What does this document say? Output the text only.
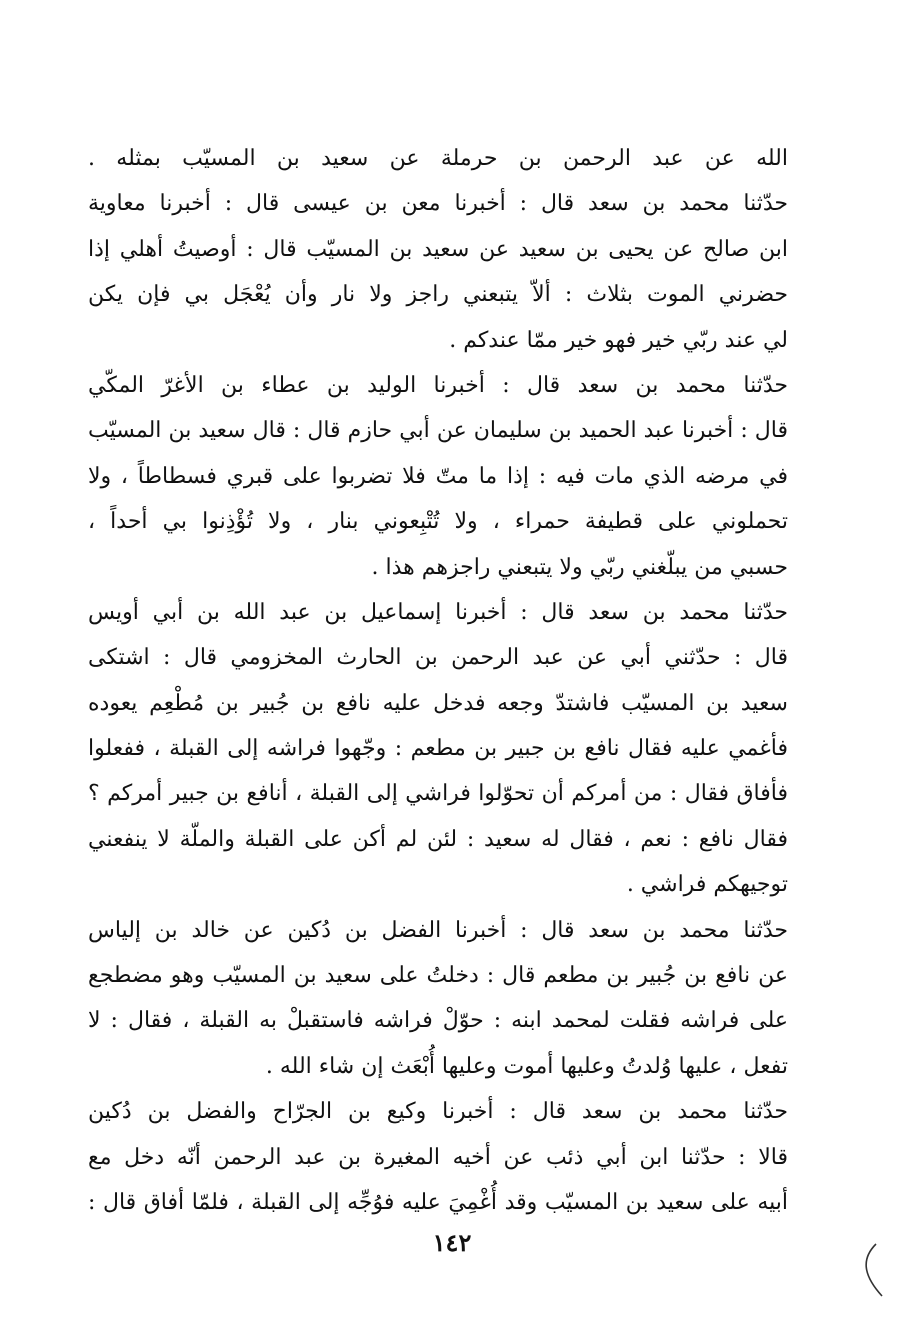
الله عن عبد الرحمن بن حرملة عن سعيد بن المسيّب بمثله .
حدّثنا محمد بن سعد قال : أخبرنا معن بن عيسى قال : أخبرنا معاوية
ابن صالح عن يحيى بن سعيد عن سعيد بن المسيّب قال : أوصيتُ أهلي إذا
حضرني الموت بثلاث : ألاّ يتبعني راجز ولا نار وأن يُعْجَل بي فإن يكن
لي عند ربّي خير فهو خير ممّا عندكم .
حدّثنا محمد بن سعد قال : أخبرنا الوليد بن عطاء بن الأغرّ المكّي
قال : أخبرنا عبد الحميد بن سليمان عن أبي حازم قال : قال سعيد بن المسيّب
في مرضه الذي مات فيه : إذا ما متّ فلا تضربوا على قبري فسطاطاً ، ولا
تحملوني على قطيفة حمراء ، ولا تُتْبِعوني بنار ، ولا تُؤْذِنوا بي أحداً ،
حسبي من يبلّغني ربّي ولا يتبعني راجزهم هذا .
حدّثنا محمد بن سعد قال : أخبرنا إسماعيل بن عبد الله بن أبي أويس
قال : حدّثني أبي عن عبد الرحمن بن الحارث المخزومي قال : اشتكى
سعيد بن المسيّب فاشتدّ وجعه فدخل عليه نافع بن جُبير بن مُطْعِم يعوده
فأغمي عليه فقال نافع بن جبير بن مطعم : وجّهوا فراشه إلى القبلة ، ففعلوا
فأفاق فقال : من أمركم أن تحوّلوا فراشي إلى القبلة ، أنافع بن جبير أمركم ؟
فقال نافع : نعم ، فقال له سعيد : لئن لم أكن على القبلة والملّة لا ينفعني
توجيهكم فراشي .
حدّثنا محمد بن سعد قال : أخبرنا الفضل بن دُكين عن خالد بن إلياس
عن نافع بن جُبير بن مطعم قال : دخلتُ على سعيد بن المسيّب وهو مضطجع
على فراشه فقلت لمحمد ابنه : حوّلْ فراشه فاستقبلْ به القبلة ، فقال : لا
تفعل ، عليها وُلدتُ وعليها أموت وعليها أُبْعَث إن شاء الله .
حدّثنا محمد بن سعد قال : أخبرنا وكيع بن الجرّاح والفضل بن دُكين
قالا : حدّثنا ابن أبي ذئب عن أخيه المغيرة بن عبد الرحمن أنّه دخل مع
أبيه على سعيد بن المسيّب وقد أُغْمِيَ عليه فوُجِّه إلى القبلة ، فلمّا أفاق قال :
١٤٢
